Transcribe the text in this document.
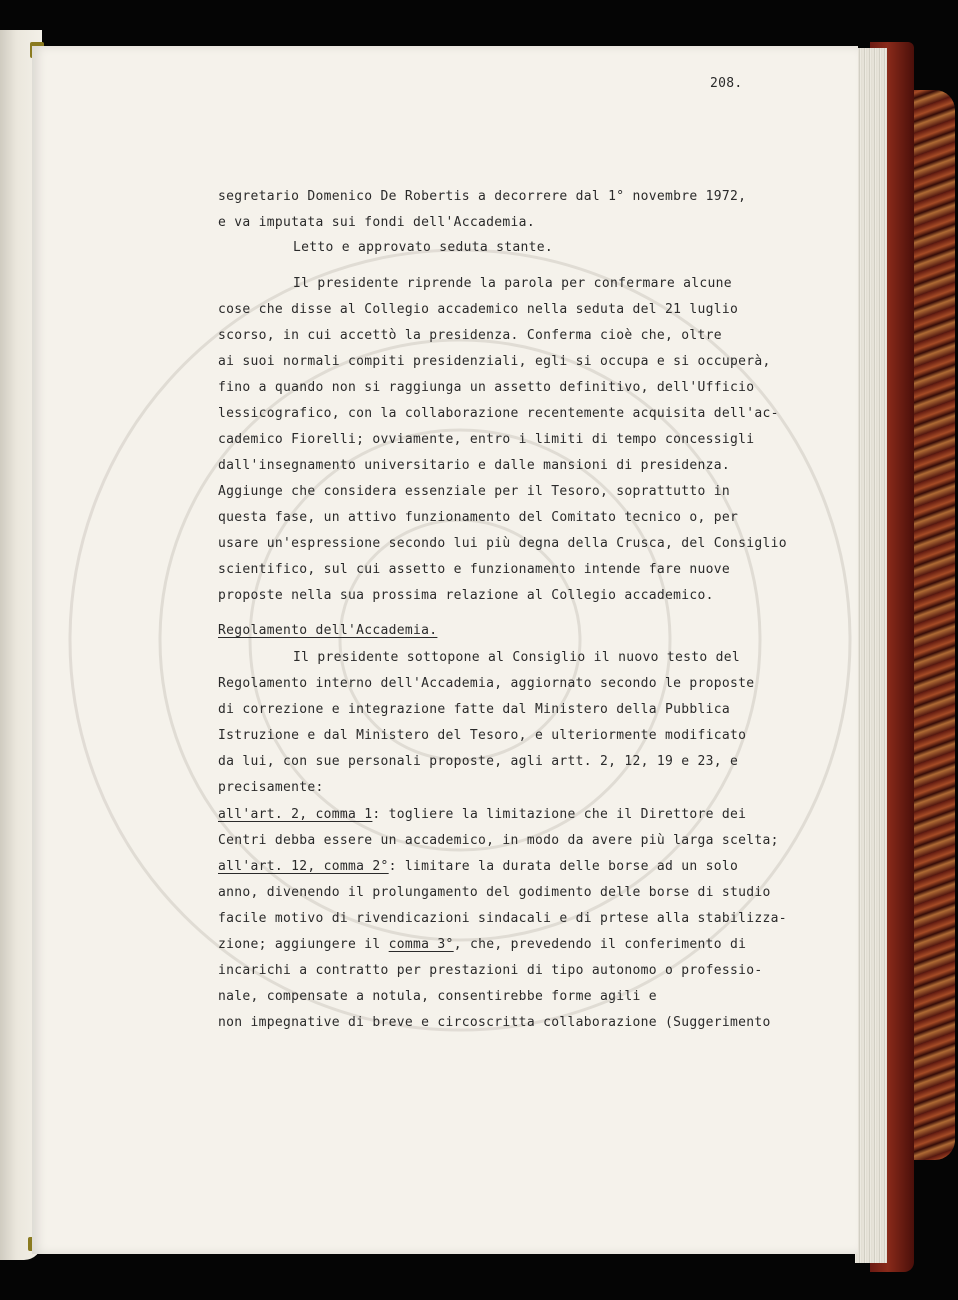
208.
segretario Domenico De Robertis a decorrere dal 1° novembre 1972,
e va imputata sui fondi dell'Accademia.
Letto e approvato seduta stante.
Il presidente riprende la parola per confermare alcune
cose che disse al Collegio accademico nella seduta del 21 luglio
scorso, in cui accettò la presidenza. Conferma cioè che, oltre
ai suoi normali compiti presidenziali, egli si occupa e si occuperà,
fino a quando non si raggiunga un assetto definitivo, dell'Ufficio
lessicografico, con la collaborazione recentemente acquisita dell'ac-
cademico Fiorelli; ovviamente, entro i limiti di tempo concessigli
dall'insegnamento universitario e dalle mansioni di presidenza.
Aggiunge che considera essenziale per il Tesoro, soprattutto in
questa fase, un attivo funzionamento del Comitato tecnico o, per
usare un'espressione secondo lui più degna della Crusca, del Consiglio
scientifico, sul cui assetto e funzionamento intende fare nuove
proposte nella sua prossima relazione al Collegio accademico.
Regolamento dell'Accademia.
Il presidente sottopone al Consiglio il nuovo testo del
Regolamento interno dell'Accademia, aggiornato secondo le proposte
di correzione e integrazione fatte dal Ministero della Pubblica
Istruzione e dal Ministero del Tesoro, e ulteriormente modificato
da lui, con sue personali proposte, agli artt. 2, 12, 19 e 23, e
precisamente:
all'art. 2, comma 1: togliere la limitazione che il Direttore dei
Centri debba essere un accademico, in modo da avere più larga scelta;
all'art. 12, comma 2°: limitare la durata delle borse ad un solo
anno, divenendo il prolungamento del godimento delle borse di studio
facile motivo di rivendicazioni sindacali e di prtese alla stabilizza-
zione; aggiungere il comma 3°, che, prevedendo il conferimento di
incarichi a contratto per prestazioni di tipo autonomo o professio-
nale, compensate a notula, consentirebbe forme agili e
non impegnative di breve e circoscritta collaborazione (Suggerimento
